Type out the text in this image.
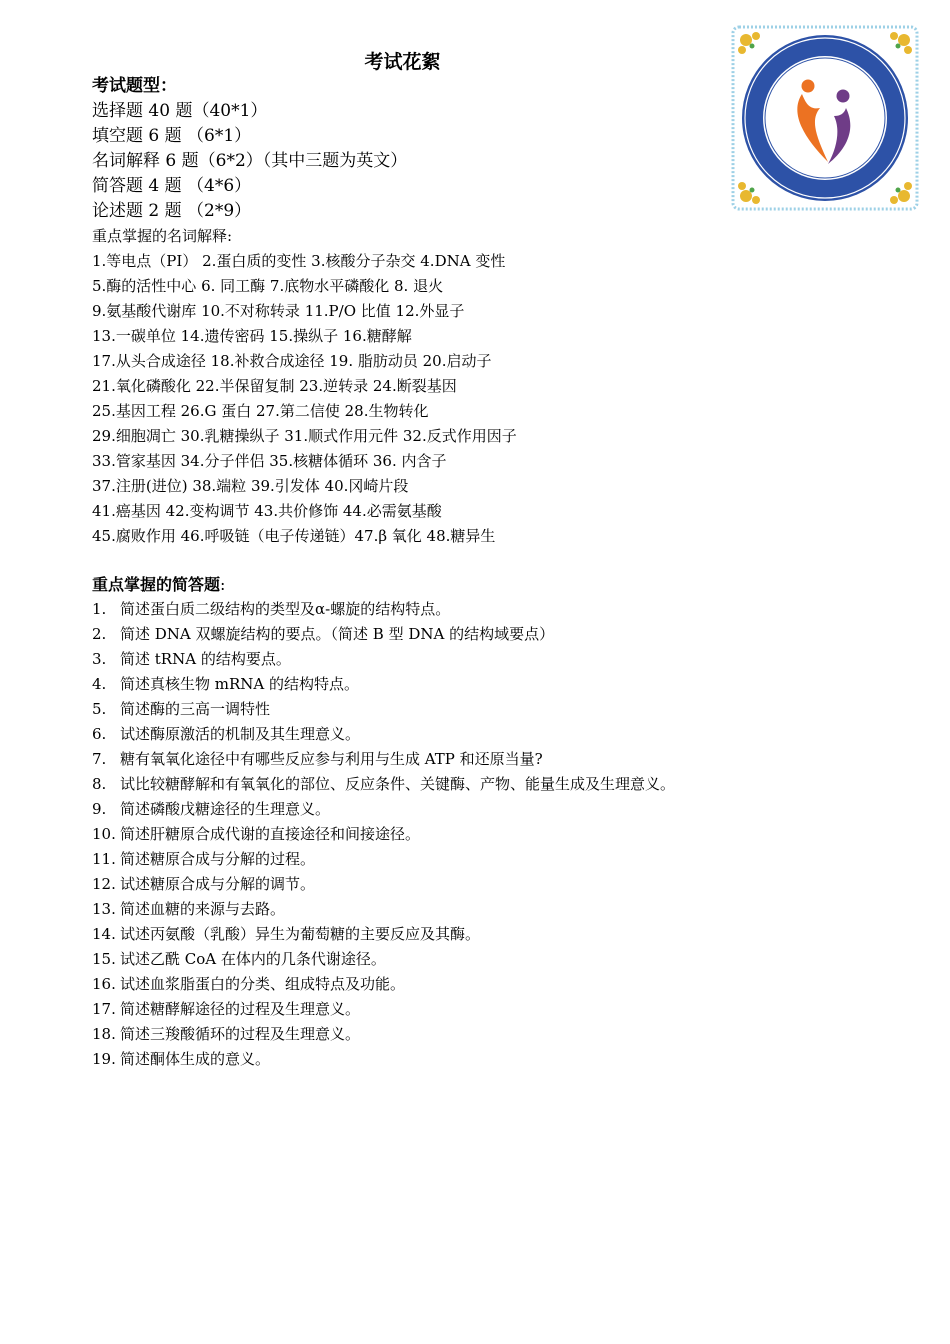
考试花絮
考试题型：
选择题 40 题（40*1）
填空题 6 题 （6*1）
名词解释 6 题（6*2）（其中三题为英文）
简答题 4 题 （4*6）
论述题 2 题 （2*9）
重点掌握的名词解释:
1.等电点（PI） 2.蛋白质的变性 3.核酸分子杂交 4.DNA 变性
5.酶的活性中心 6. 同工酶 7.底物水平磷酸化 8. 退火
9.氨基酸代谢库 10.不对称转录 11.P/O 比值 12.外显子
13.一碳单位 14.遗传密码 15.操纵子 16.糖酵解
17.从头合成途径 18.补救合成途径 19. 脂肪动员 20.启动子
21.氧化磷酸化 22.半保留复制 23.逆转录 24.断裂基因
25.基因工程 26.G 蛋白 27.第二信使 28.生物转化
29.细胞凋亡 30.乳糖操纵子 31.顺式作用元件 32.反式作用因子
33.管家基因 34.分子伴侣 35.核糖体循环 36. 内含子
37.注册(进位) 38.端粒 39.引发体 40.冈崎片段
41.癌基因 42.变构调节 43.共价修饰 44.必需氨基酸
45.腐败作用 46.呼吸链（电子传递链）47.β 氧化 48.糖异生
重点掌握的简答题:
1. 简述蛋白质二级结构的类型及α-螺旋的结构特点。
2. 简述 DNA 双螺旋结构的要点。（简述 B 型 DNA 的结构域要点）
3. 简述 tRNA 的结构要点。
4. 简述真核生物 mRNA 的结构特点。
5. 简述酶的三高一调特性
6. 试述酶原激活的机制及其生理意义。
7. 糖有氧氧化途径中有哪些反应参与利用与生成 ATP 和还原当量?
8. 试比较糖酵解和有氧氧化的部位、反应条件、关键酶、产物、能量生成及生理意义。
9. 简述磷酸戊糖途径的生理意义。
10. 简述肝糖原合成代谢的直接途径和间接途径。
11. 简述糖原合成与分解的过程。
12. 试述糖原合成与分解的调节。
13. 简述血糖的来源与去路。
14. 试述丙氨酸（乳酸）异生为葡萄糖的主要反应及其酶。
15. 试述乙酰 CoA 在体内的几条代谢途径。
16. 试述血浆脂蛋白的分类、组成特点及功能。
17. 简述糖酵解途径的过程及生理意义。
18. 简述三羧酸循环的过程及生理意义。
19. 简述酮体生成的意义。
